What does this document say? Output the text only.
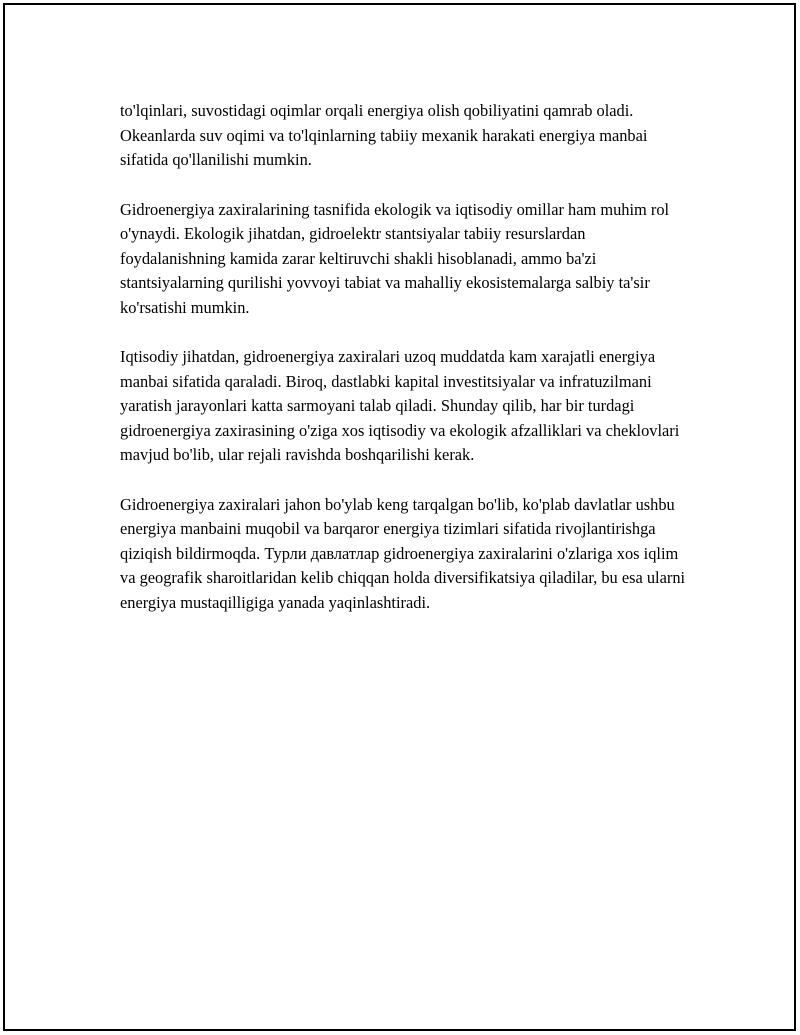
to'lqinlari, suvostidagi oqimlar orqali energiya olish qobiliyatini qamrab oladi. Okeanlarda suv oqimi va to'lqinlarning tabiiy mexanik harakati energiya manbai sifatida qo'llanilishi mumkin.

Gidroenergiya zaxiralarining tasnifida ekologik va iqtisodiy omillar ham muhim rol o'ynaydi. Ekologik jihatdan, gidroelektr stantsiyalar tabiiy resurslardan foydalanishning kamida zarar keltiruvchi shakli hisoblanadi, ammo ba'zi stantsiyalarning qurilishi yovvoyi tabiat va mahalliy ekosistemalarga salbiy ta'sir ko'rsatishi mumkin.

Iqtisodiy jihatdan, gidroenergiya zaxiralari uzoq muddatda kam xarajatli energiya manbai sifatida qaraladi. Biroq, dastlabki kapital investitsiyalar va infratuzilmani yaratish jarayonlari katta sarmoyani talab qiladi. Shunday qilib, har bir turdagi gidroenergiya zaxirasining o'ziga xos iqtisodiy va ekologik afzalliklari va cheklovlari mavjud bo'lib, ular rejali ravishda boshqarilishi kerak.

Gidroenergiya zaxiralari jahon bo'ylab keng tarqalgan bo'lib, ko'plab davlatlar ushbu energiya manbaini muqobil va barqaror energiya tizimlari sifatida rivojlantirishga qiziqish bildirmoqda. Турли давлатлар gidroenergiya zaxiralarini o'zlariga xos iqlim va geografik sharoitlaridan kelib chiqqan holda diversifikatsiya qiladilar, bu esa ularni energiya mustaqilligiga yanada yaqinlashtiradi.
